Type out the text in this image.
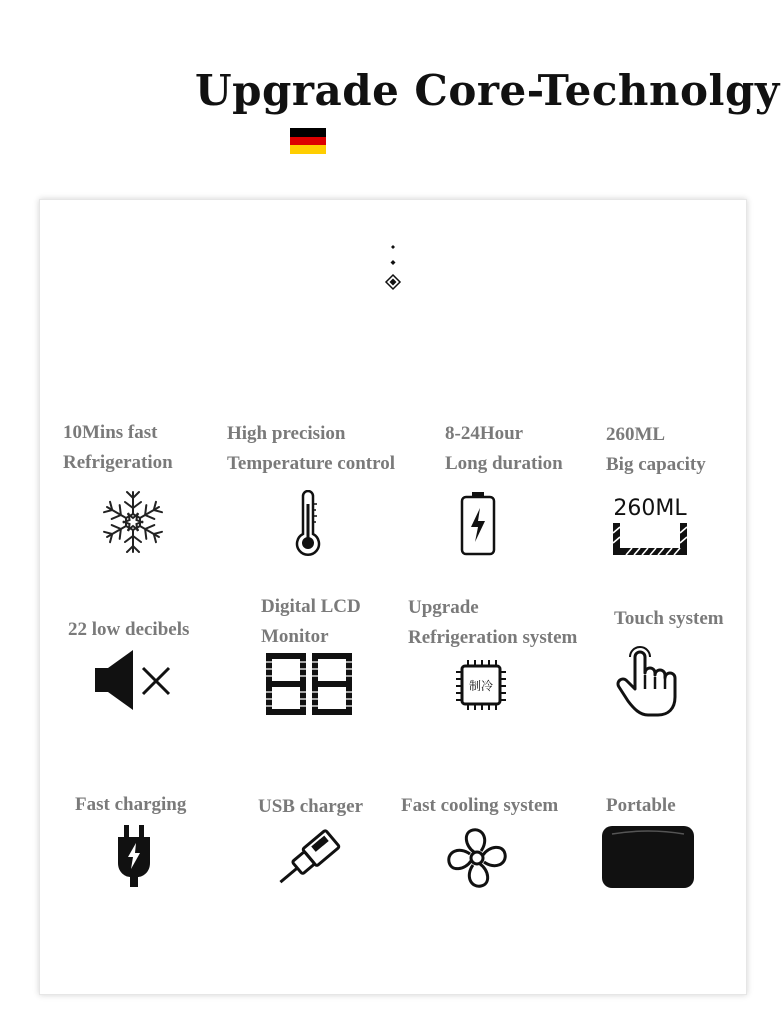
Upgrade Core-Technolgy
10Mins fast
Refrigeration
High precision
Temperature control
8-24Hour
Long duration
260ML
Big capacity
260ML
22 low decibels
Digital LCD
Monitor
Upgrade
Refrigeration system
Touch system
制冷
Fast charging	USB charger Fast cooling system	Portable
